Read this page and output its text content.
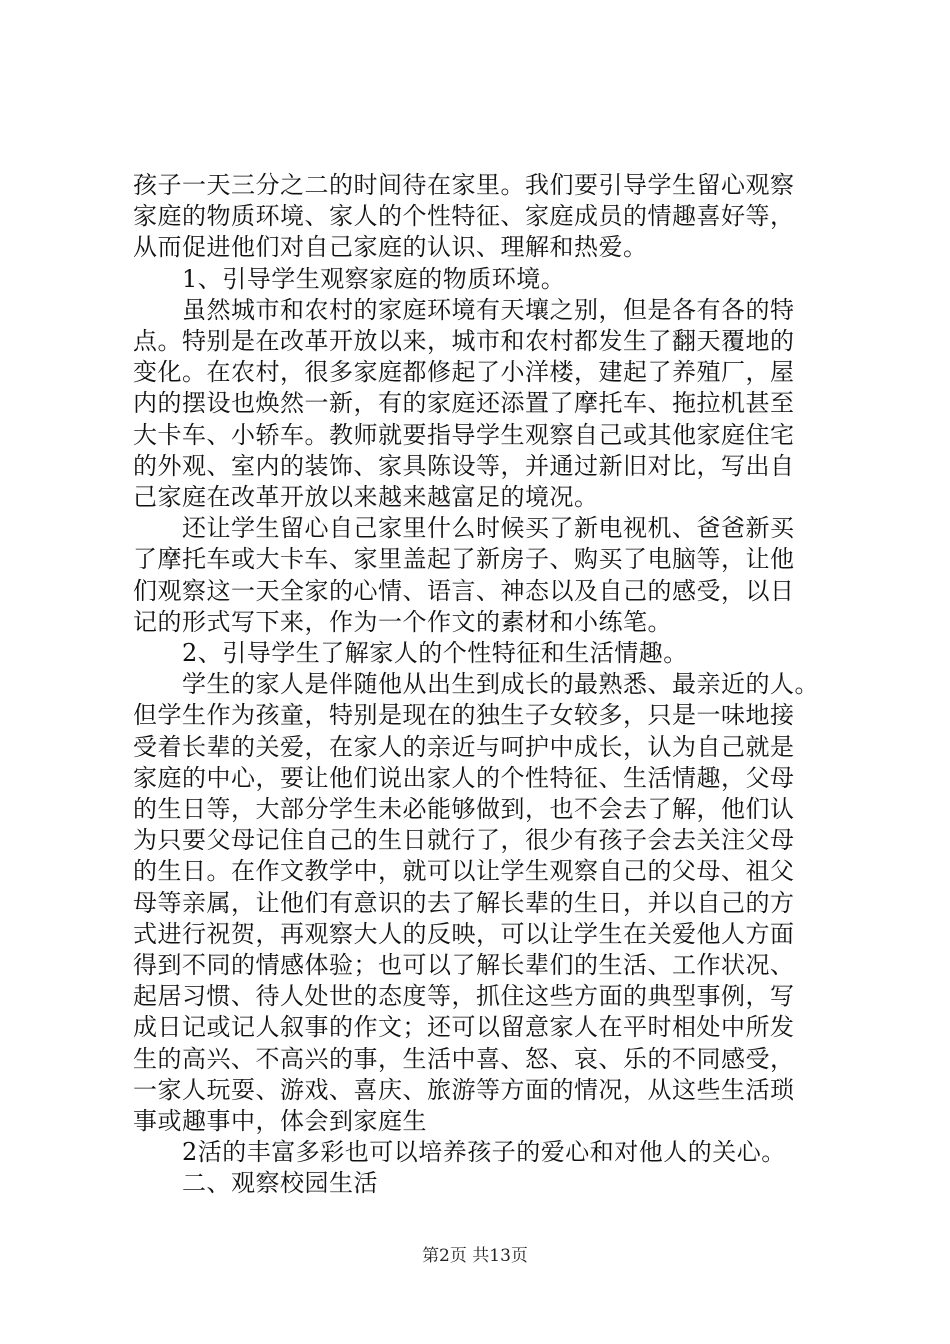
孩子一天三分之二的时间待在家里。我们要引导学生留心观察
家庭的物质环境、家人的个性特征、家庭成员的情趣喜好等，
从而促进他们对自己家庭的认识、理解和热爱。
　　1、引导学生观察家庭的物质环境。
　　虽然城市和农村的家庭环境有天壤之别，但是各有各的特
点。特别是在改革开放以来，城市和农村都发生了翻天覆地的
变化。在农村，很多家庭都修起了小洋楼，建起了养殖厂，屋
内的摆设也焕然一新，有的家庭还添置了摩托车、拖拉机甚至
大卡车、小轿车。教师就要指导学生观察自己或其他家庭住宅
的外观、室内的装饰、家具陈设等，并通过新旧对比，写出自
己家庭在改革开放以来越来越富足的境况。
　　还让学生留心自己家里什么时候买了新电视机、爸爸新买
了摩托车或大卡车、家里盖起了新房子、购买了电脑等，让他
们观察这一天全家的心情、语言、神态以及自己的感受，以日
记的形式写下来，作为一个作文的素材和小练笔。
　　2、引导学生了解家人的个性特征和生活情趣。
　　学生的家人是伴随他从出生到成长的最熟悉、最亲近的人。
但学生作为孩童，特别是现在的独生子女较多，只是一味地接
受着长辈的关爱，在家人的亲近与呵护中成长，认为自己就是
家庭的中心，要让他们说出家人的个性特征、生活情趣，父母
的生日等，大部分学生未必能够做到，也不会去了解，他们认
为只要父母记住自己的生日就行了，很少有孩子会去关注父母
的生日。在作文教学中，就可以让学生观察自己的父母、祖父
母等亲属，让他们有意识的去了解长辈的生日，并以自己的方
式进行祝贺，再观察大人的反映，可以让学生在关爱他人方面
得到不同的情感体验；也可以了解长辈们的生活、工作状况、
起居习惯、待人处世的态度等，抓住这些方面的典型事例，写
成日记或记人叙事的作文；还可以留意家人在平时相处中所发
生的高兴、不高兴的事，生活中喜、怒、哀、乐的不同感受，
一家人玩耍、游戏、喜庆、旅游等方面的情况，从这些生活琐
事或趣事中，体会到家庭生
第2页 共13页
　　2活的丰富多彩也可以培养孩子的爱心和对他人的关心。
　　二、观察校园生活
